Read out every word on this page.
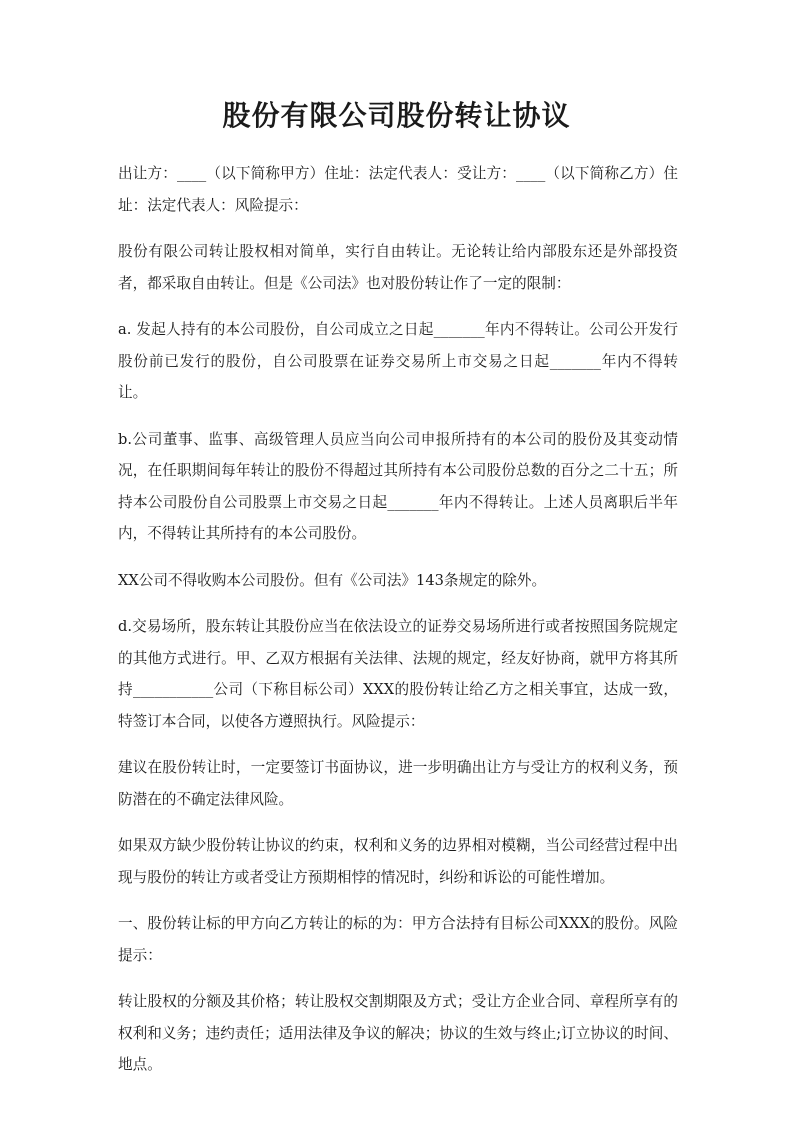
股份有限公司股份转让协议

出让方：____（以下简称甲方）住址：法定代表人：受让方：____（以下简称乙方）住址：法定代表人：风险提示：

股份有限公司转让股权相对简单，实行自由转让。无论转让给内部股东还是外部投资者，都采取自由转让。但是《公司法》也对股份转让作了一定的限制：

a. 发起人持有的本公司股份，自公司成立之日起_______年内不得转让。公司公开发行股份前已发行的股份，自公司股票在证券交易所上市交易之日起_______年内不得转让。

b.公司董事、监事、高级管理人员应当向公司申报所持有的本公司的股份及其变动情况，在任职期间每年转让的股份不得超过其所持有本公司股份总数的百分之二十五；所持本公司股份自公司股票上市交易之日起_______年内不得转让。上述人员离职后半年内，不得转让其所持有的本公司股份。

XX公司不得收购本公司股份。但有《公司法》143条规定的除外。

d.交易场所，股东转让其股份应当在依法设立的证券交易场所进行或者按照国务院规定的其他方式进行。甲、乙双方根据有关法律、法规的规定，经友好协商，就甲方将其所持___________公司（下称目标公司）XXX的股份转让给乙方之相关事宜，达成一致，特签订本合同，以使各方遵照执行。风险提示：

建议在股份转让时，一定要签订书面协议，进一步明确出让方与受让方的权利义务，预防潜在的不确定法律风险。

如果双方缺少股份转让协议的约束，权利和义务的边界相对模糊，当公司经营过程中出现与股份的转让方或者受让方预期相悖的情况时，纠纷和诉讼的可能性增加。

一、股份转让标的甲方向乙方转让的标的为：甲方合法持有目标公司XXX的股份。风险提示：

转让股权的分额及其价格；转让股权交割期限及方式；受让方企业合同、章程所享有的权利和义务；违约责任；适用法律及争议的解决；协议的生效与终止;订立协议的时间、地点。
